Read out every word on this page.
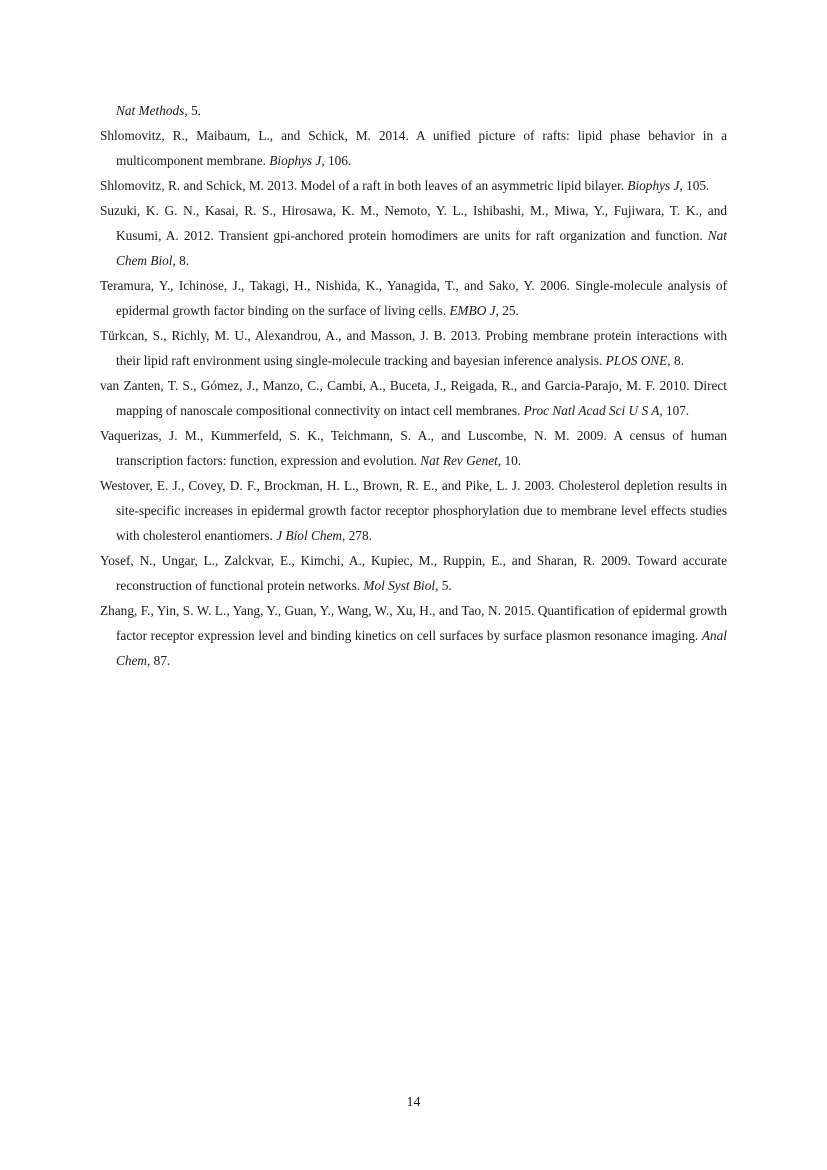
Nat Methods, 5.

Shlomovitz, R., Maibaum, L., and Schick, M. 2014. A unified picture of rafts: lipid phase behavior in a multicomponent membrane. Biophys J, 106.

Shlomovitz, R. and Schick, M. 2013. Model of a raft in both leaves of an asymmetric lipid bilayer. Biophys J, 105.

Suzuki, K. G. N., Kasai, R. S., Hirosawa, K. M., Nemoto, Y. L., Ishibashi, M., Miwa, Y., Fujiwara, T. K., and Kusumi, A. 2012. Transient gpi-anchored protein homodimers are units for raft organization and function. Nat Chem Biol, 8.

Teramura, Y., Ichinose, J., Takagi, H., Nishida, K., Yanagida, T., and Sako, Y. 2006. Single-molecule analysis of epidermal growth factor binding on the surface of living cells. EMBO J, 25.

Türkcan, S., Richly, M. U., Alexandrou, A., and Masson, J. B. 2013. Probing membrane protein interactions with their lipid raft environment using single-molecule tracking and bayesian inference analysis. PLOS ONE, 8.

van Zanten, T. S., Gómez, J., Manzo, C., Cambi, A., Buceta, J., Reigada, R., and Garcia-Parajo, M. F. 2010. Direct mapping of nanoscale compositional connectivity on intact cell membranes. Proc Natl Acad Sci U S A, 107.

Vaquerizas, J. M., Kummerfeld, S. K., Teichmann, S. A., and Luscombe, N. M. 2009. A census of human transcription factors: function, expression and evolution. Nat Rev Genet, 10.

Westover, E. J., Covey, D. F., Brockman, H. L., Brown, R. E., and Pike, L. J. 2003. Cholesterol depletion results in site-specific increases in epidermal growth factor receptor phosphorylation due to membrane level effects studies with cholesterol enantiomers. J Biol Chem, 278.

Yosef, N., Ungar, L., Zalckvar, E., Kimchi, A., Kupiec, M., Ruppin, E., and Sharan, R. 2009. Toward accurate reconstruction of functional protein networks. Mol Syst Biol, 5.

Zhang, F., Yin, S. W. L., Yang, Y., Guan, Y., Wang, W., Xu, H., and Tao, N. 2015. Quantification of epidermal growth factor receptor expression level and binding kinetics on cell surfaces by surface plasmon resonance imaging. Anal Chem, 87.

14
